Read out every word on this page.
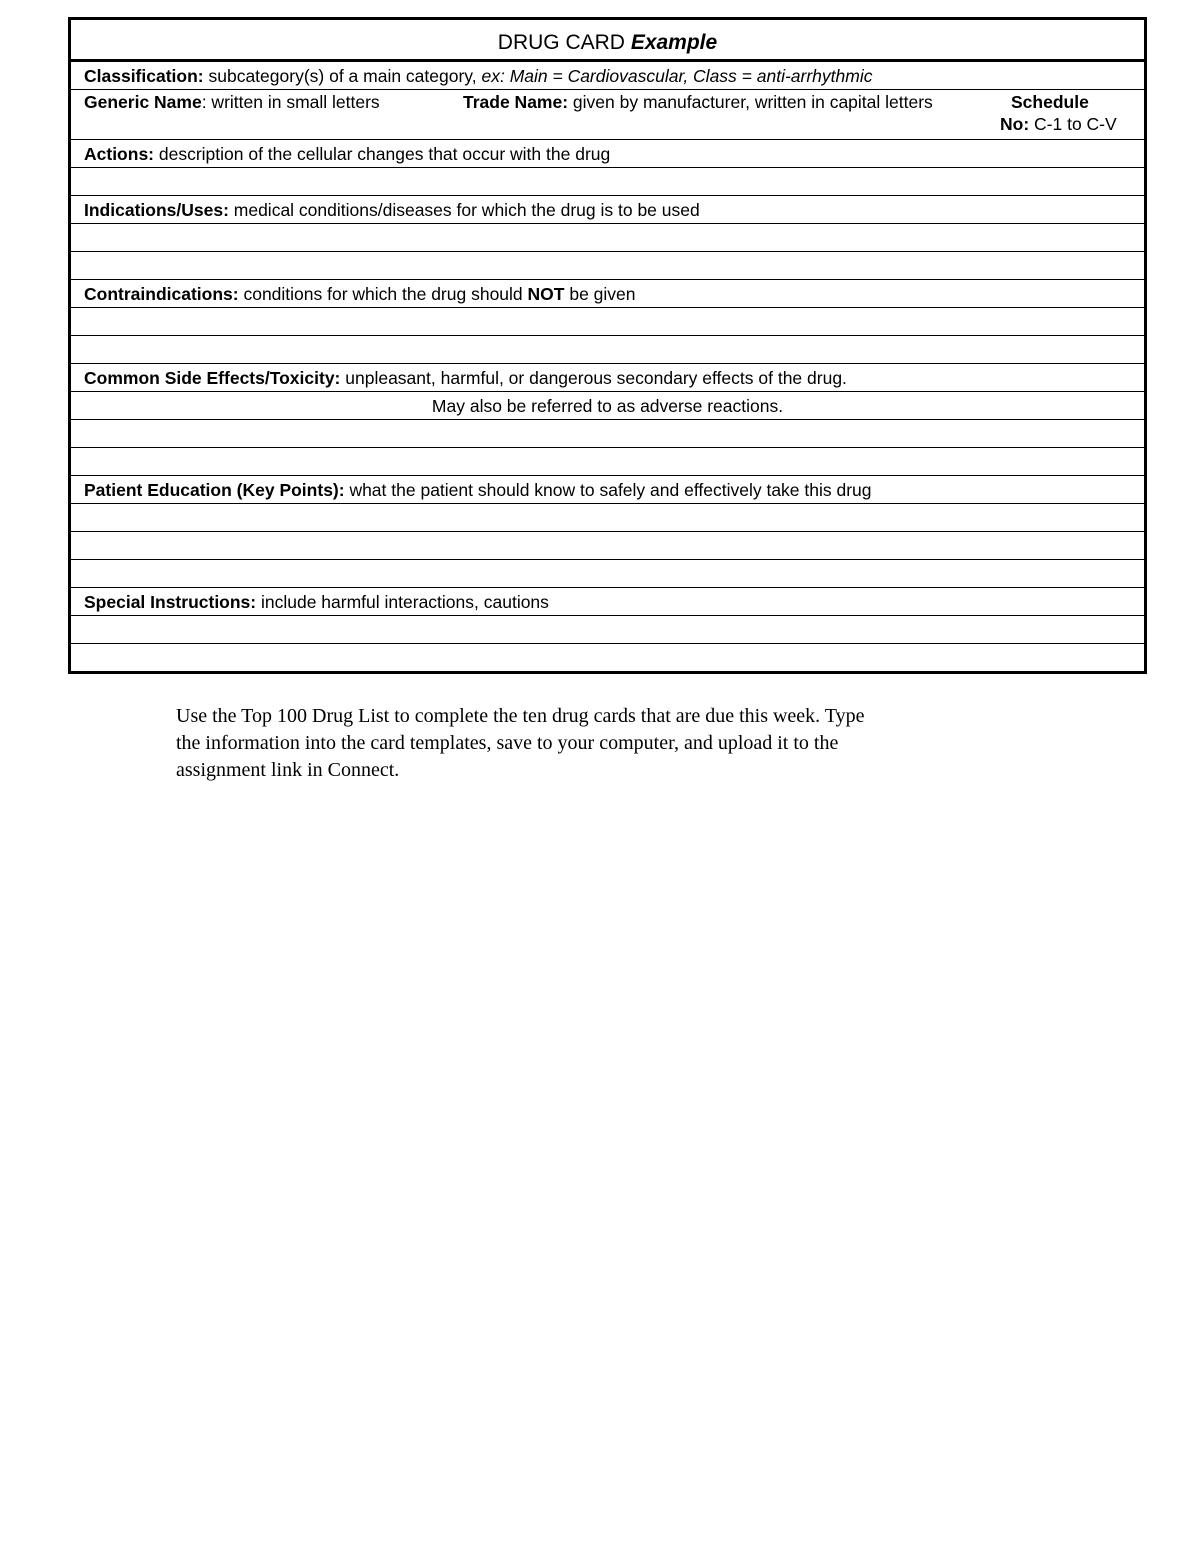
DRUG CARD Example
Classification: subcategory(s) of a main category, ex: Main = Cardiovascular, Class = anti-arrhythmic
Generic Name: written in small letters	Trade Name: given by manufacturer, written in capital letters	Schedule
No: C-1 to C-V
Actions: description of the cellular changes that occur with the drug
Indications/Uses: medical conditions/diseases for which the drug is to be used
Contraindications: conditions for which the drug should NOT be given
Common Side Effects/Toxicity: unpleasant, harmful, or dangerous secondary effects of the drug.
May also be referred to as adverse reactions.
Patient Education (Key Points): what the patient should know to safely and effectively take this drug
Special Instructions: include harmful interactions, cautions
Use the Top 100 Drug List to complete the ten drug cards that are due this week. Type
the information into the card templates, save to your computer, and upload it to the
assignment link in Connect.
